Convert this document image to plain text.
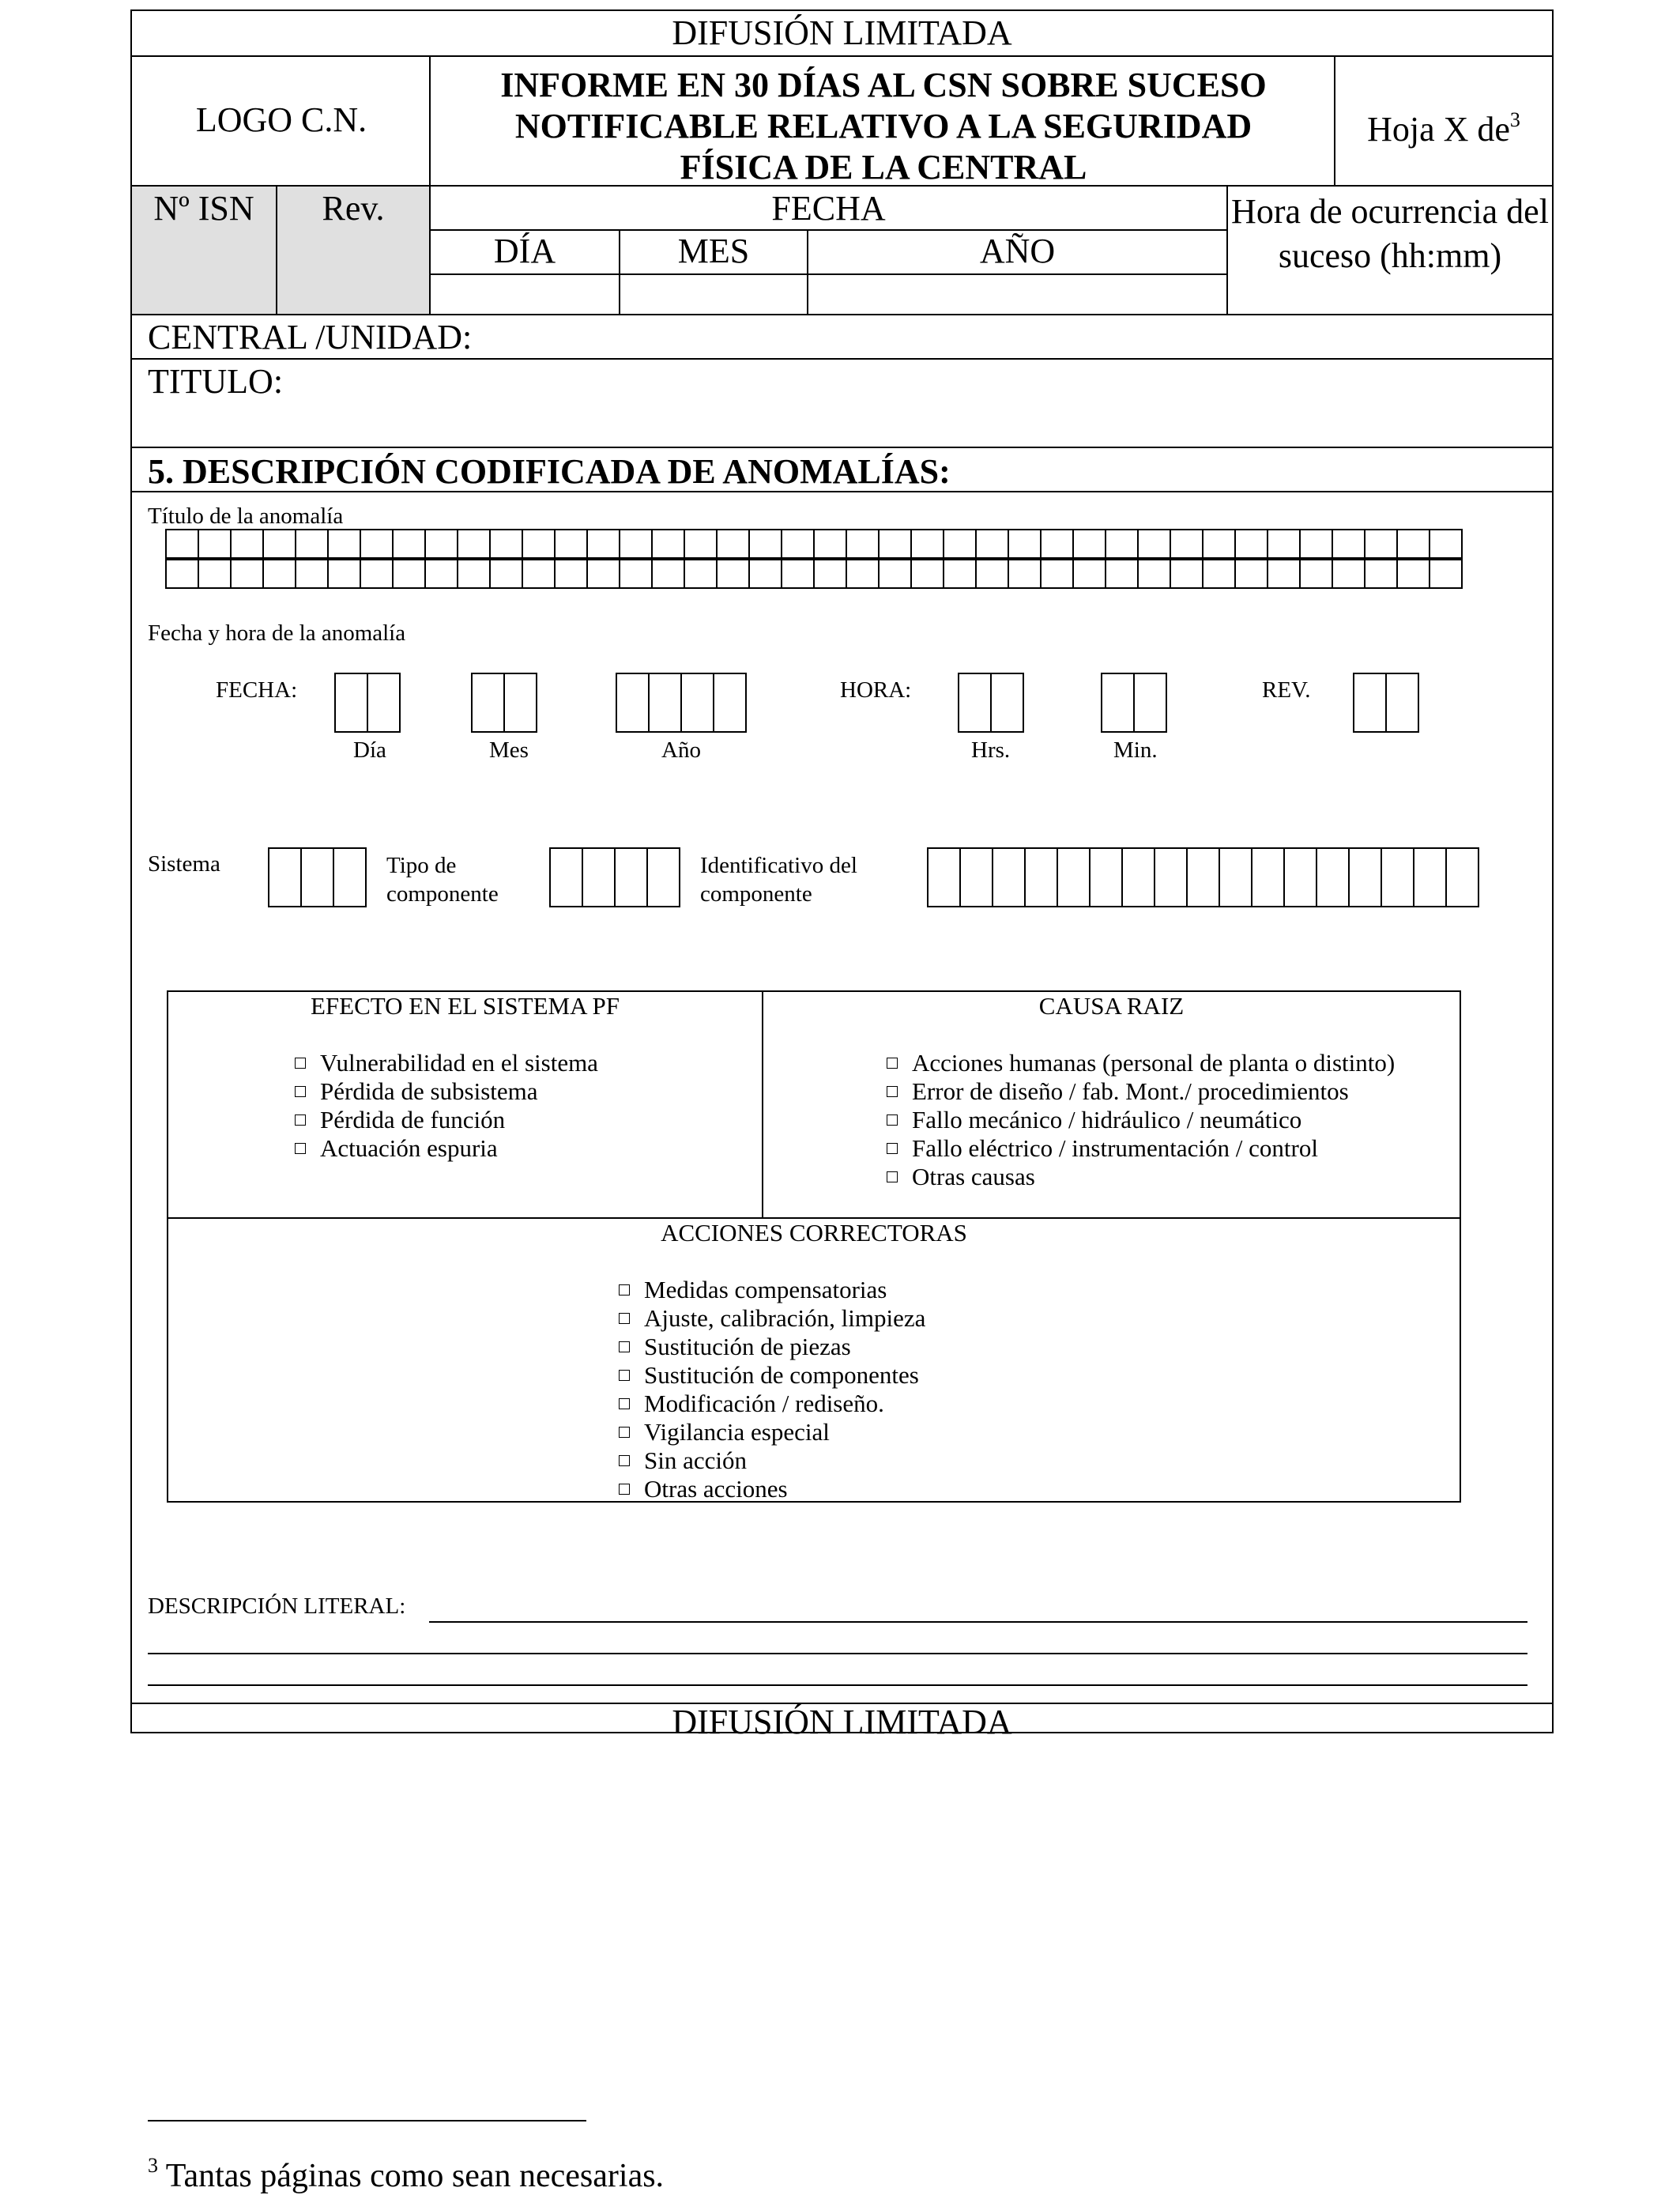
DIFUSIÓN LIMITADA
LOGO C.N.
INFORME EN 30 DÍAS AL CSN SOBRE SUCESO
NOTIFICABLE RELATIVO A LA SEGURIDAD
FÍSICA DE LA CENTRAL
Hoja X $de^3$
Nº ISN	Rev.	FECHA
DÍA	MES	AÑO
Hora de ocurrencia del
suceso (hh:mm)
CENTRAL /UNIDAD:
TITULO:
5. DESCRIPCIÓN CODIFICADA DE ANOMALÍAS:
Título de la anomalía
Fecha y hora de la anomalía
FECHA:	HORA:	REV.
Día	Mes	Año	Hrs.	Min.
Sistema	Tipo de
componente
Identificativo del
componente
EFECTO EN EL SISTEMA PF
Vulnerabilidad en el sistema
Pérdida de subsistema
Pérdida de función
Actuación espuria
CAUSA RAIZ
Acciones humanas (personal de planta o distinto)
Error de diseño / fab. Mont./ procedimientos
Fallo mecánico / hidráulico / neumático
Fallo eléctrico / instrumentación / control
Otras causas
ACCIONES CORRECTORAS
Medidas compensatorias
Ajuste, calibración, limpieza
Sustitución de piezas
Sustitución de componentes
Modificación / rediseño.
Vigilancia especial
Sin acción
Otras acciones
DESCRIPCIÓN LITERAL:
DIFUSIÓN LIMITADA
$^3$ Tantas páginas como sean necesarias.
